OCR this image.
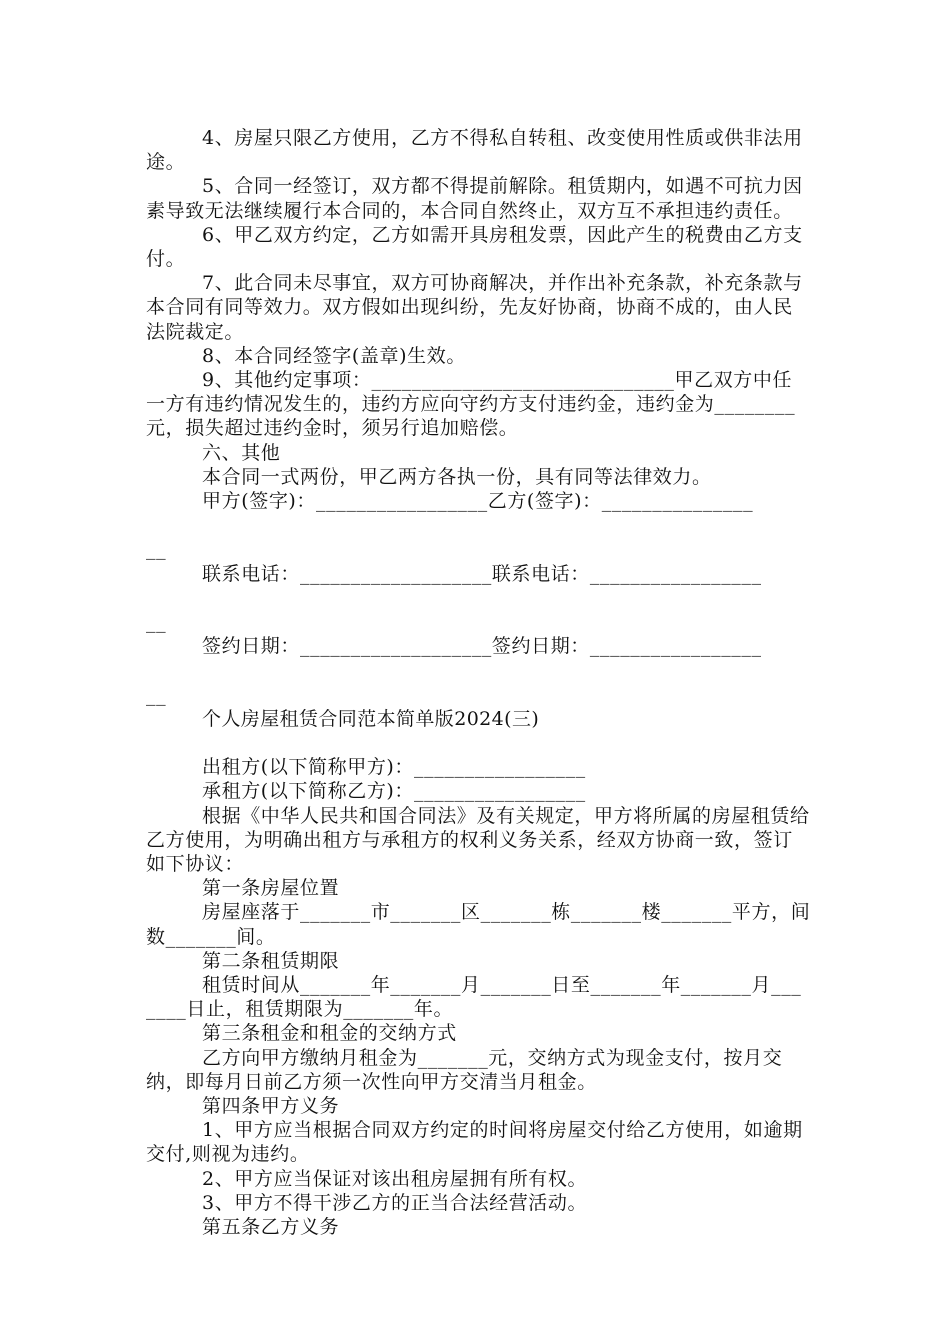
4、房屋只限乙方使用，乙方不得私自转租、改变使用性质或供非法用途。

5、合同一经签订，双方都不得提前解除。租赁期内，如遇不可抗力因素导致无法继续履行本合同的，本合同自然终止，双方互不承担违约责任。

6、甲乙双方约定，乙方如需开具房租发票，因此产生的税费由乙方支付。

7、此合同未尽事宜，双方可协商解决，并作出补充条款，补充条款与本合同有同等效力。双方假如出现纠纷，先友好协商，协商不成的，由人民法院裁定。

8、本合同经签字(盖章)生效。

9、其他约定事项：______________________________甲乙双方中任一方有违约情况发生的，违约方应向守约方支付违约金，违约金为________元，损失超过违约金时，须另行追加赔偿。

六、其他

本合同一式两份，甲乙两方各执一份，具有同等法律效力。

甲方(签字)：_________________乙方(签字)：_______________

__

联系电话：___________________联系电话：_________________

__

签约日期：___________________签约日期：_________________

__

个人房屋租赁合同范本简单版2024(三)

出租方(以下简称甲方)：_________________

承租方(以下简称乙方)：_________________

根据《中华人民共和国合同法》及有关规定，甲方将所属的房屋租赁给乙方使用，为明确出租方与承租方的权利义务关系，经双方协商一致，签订如下协议：

第一条房屋位置

房屋座落于_______市_______区_______栋_______楼_______平方，间数_______间。

第二条租赁期限

租赁时间从_______年_______月_______日至_______年_______月_______日止，租赁期限为_______年。

第三条租金和租金的交纳方式

乙方向甲方缴纳月租金为_______元，交纳方式为现金支付，按月交纳，即每月日前乙方须一次性向甲方交清当月租金。

第四条甲方义务

1、甲方应当根据合同双方约定的时间将房屋交付给乙方使用，如逾期交付,则视为违约。

2、甲方应当保证对该出租房屋拥有所有权。

3、甲方不得干涉乙方的正当合法经营活动。

第五条乙方义务
